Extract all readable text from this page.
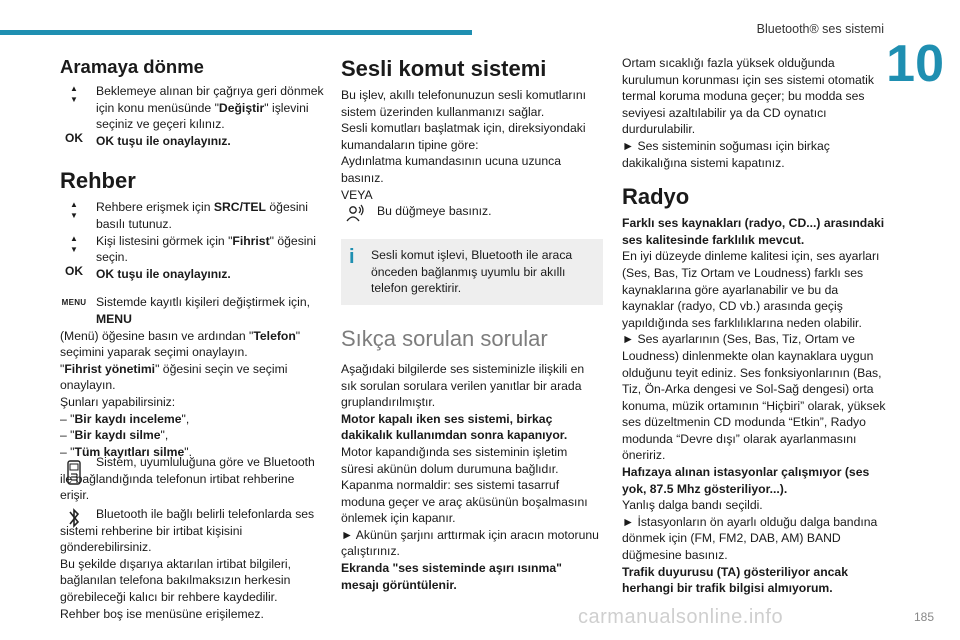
Bluetooth® ses sistemi
10
Aramaya dönme
▲
▼
Beklemeye alınan bir çağrıya geri dönmek için konu menüsünde "Değiştir" işlevini seçiniz ve geçeri kılınız.
OK	OK tuşu ile onaylayınız.
Rehber
▲
▼
Rehbere erişmek için SRC/TEL öğesini basılı tutunuz.
▲
▼
Kişi listesini görmek için "Fihrist" öğesini seçin.
OK	OK tuşu ile onaylayınız.
MENU Sistemde kayıtlı kişileri değiştirmek için, MENU

(Menü) öğesine basın ve ardından "Telefon" seçimini yaparak seçimi onaylayın.

"Fihrist yönetimi" öğesini seçin ve seçimi onaylayın.

Şunları yapabilirsiniz:

– "Bir kaydı inceleme",

– "Bir kaydı silme",

– "Tüm kayıtları silme".

Sistem, uyumluluğuna göre ve Bluetooth ile bağlandığında telefonun irtibat rehberine erişir.

Bluetooth ile bağlı belirli telefonlarda ses sistemi rehberine bir irtibat kişisini gönderebilirsiniz.

Bu şekilde dışarıya aktarılan irtibat bilgileri, bağlanılan telefona bakılmaksızın herkesin görebileceği kalıcı bir rehbere kaydedilir.

Rehber boş ise menüsüne erişilemez.

Sesli komut sistemi

Bu işlev, akıllı telefonunuzun sesli komutlarını sistem üzerinden kullanmanızı sağlar.

Sesli komutları başlatmak için, direksiyondaki kumandaların tipine göre:

Aydınlatma kumandasının ucuna uzunca basınız.

VEYA

Bu düğmeye basınız.
i	Sesli komut işlevi, Bluetooth ile araca önceden bağlanmış uyumlu bir akıllı telefon gerektirir.
Sıkça sorulan sorular

Aşağıdaki bilgilerde ses sisteminizle ilişkili en sık sorulan sorulara verilen yanıtlar bir arada gruplandırılmıştır.

Motor kapalı iken ses sistemi, birkaç dakikalık kullanımdan sonra kapanıyor.

Motor kapandığında ses sisteminin işletim süresi akünün dolum durumuna bağlıdır.

Kapanma normaldir: ses sistemi tasarruf moduna geçer ve araç aküsünün boşalmasını önlemek için kapanır.

► Akünün şarjını arttırmak için aracın motorunu çalıştırınız.

Ekranda "ses sisteminde aşırı ısınma" mesajı görüntülenir.

Ortam sıcaklığı fazla yüksek olduğunda kurulumun korunması için ses sistemi otomatik termal koruma moduna geçer; bu modda ses seviyesi azaltılabilir ya da CD oynatıcı durdurulabilir.

► Ses sisteminin soğuması için birkaç dakikalığına sistemi kapatınız.

Radyo

Farklı ses kaynakları (radyo, CD...) arasındaki ses kalitesinde farklılık mevcut.

En iyi düzeyde dinleme kalitesi için, ses ayarları (Ses, Bas, Tiz Ortam ve Loudness) farklı ses kaynaklarına göre ayarlanabilir ve bu da kaynaklar (radyo, CD vb.) arasında geçiş yapıldığında ses farklılıklarına neden olabilir.

► Ses ayarlarının (Ses, Bas, Tiz, Ortam ve Loudness) dinlenmekte olan kaynaklara uygun olduğunu teyit ediniz. Ses fonksiyonlarının (Bas, Tiz, Ön-Arka dengesi ve Sol-Sağ dengesi) orta konuma, müzik ortamının “Hiçbiri” olarak, yüksek ses düzeltmenin CD modunda “Etkin”, Radyo modunda “Devre dışı” olarak ayarlanmasını öneririz.

Hafızaya alınan istasyonlar çalışmıyor (ses yok, 87.5 Mhz gösteriliyor...).

Yanlış dalga bandı seçildi.

► İstasyonların ön ayarlı olduğu dalga bandına dönmek için (FM, FM2, DAB, AM) BAND düğmesine basınız.

Trafik duyurusu (TA) gösteriliyor ancak herhangi bir trafik bilgisi almıyorum.

carmanualsonline.info	185
